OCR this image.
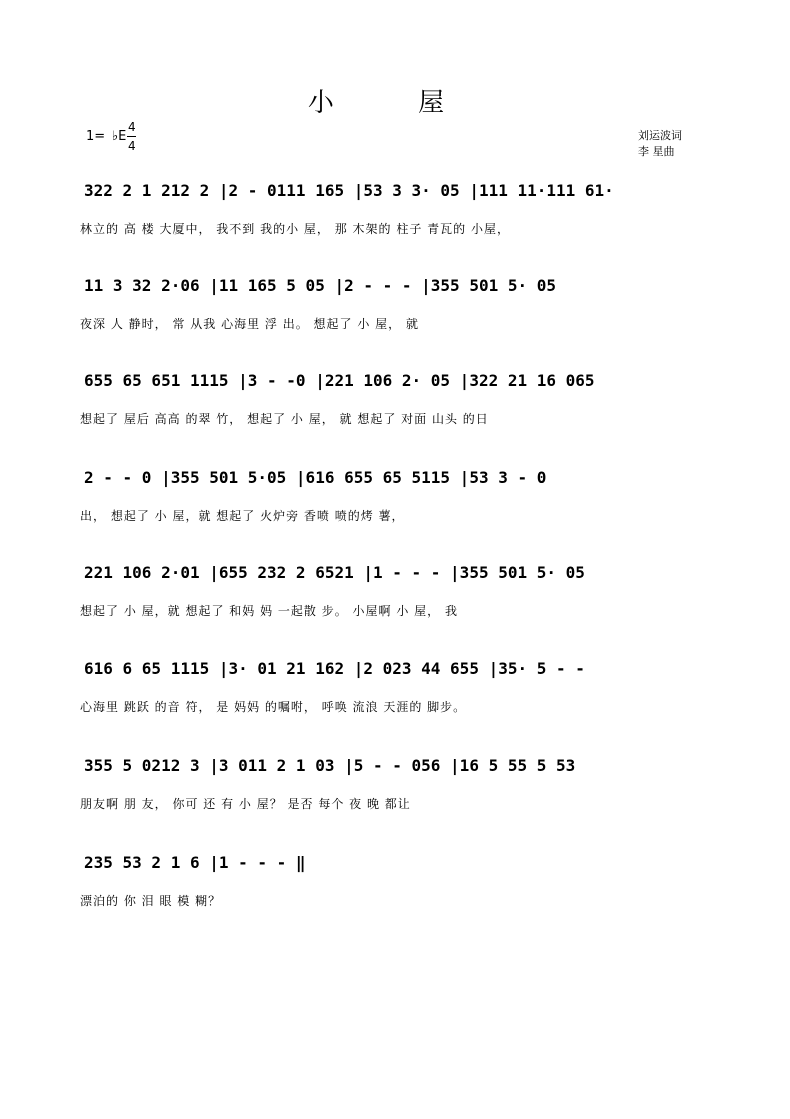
小 屋
1= ♭E
4
4
刘运波词
李 星曲
322 2 1 212 2 |2 - 0111 165 |53 3 3· 05 |111 11·111 61·
林立的 高 楼 大厦中， 我不到 我的小 屋， 那 木架的 柱子 青瓦的 小屋，
11 3 32 2·06 |11 165 5 05 |2 - - - |355 501 5· 05
夜深 人 静时， 常 从我 心海里 浮 出。 想起了 小 屋， 就
655 65 651 1115 |3 - -0 |221 106 2· 05 |322 21 16 065
想起了 屋后 高高 的翠 竹， 想起了 小 屋， 就 想起了 对面 山头 的日
2 - - 0 |355 501 5·05 |616 655 65 5115 |53 3 - 0
出， 想起了 小 屋，就 想起了 火炉旁 香喷 喷的烤 薯，
221 106 2·01 |655 232 2 6521 |1 - - - |355 501 5· 05
想起了 小 屋，就 想起了 和妈 妈 一起散 步。 小屋啊 小 屋， 我
616 6 65 1115 |3· 01 21 162 |2 023 44 655 |35· 5 - -
心海里 跳跃 的音 符， 是 妈妈 的嘱咐， 呼唤 流浪 天涯的 脚步。
355 5 0212 3 |3 011 2 1 03 |5 - - 056 |16 5 55 5 53
朋友啊 朋 友， 你可 还 有 小 屋？ 是否 每个 夜 晚 都让
235 53 2 1 6 |1 - - - ‖
漂泊的 你 泪 眼 模 糊？
